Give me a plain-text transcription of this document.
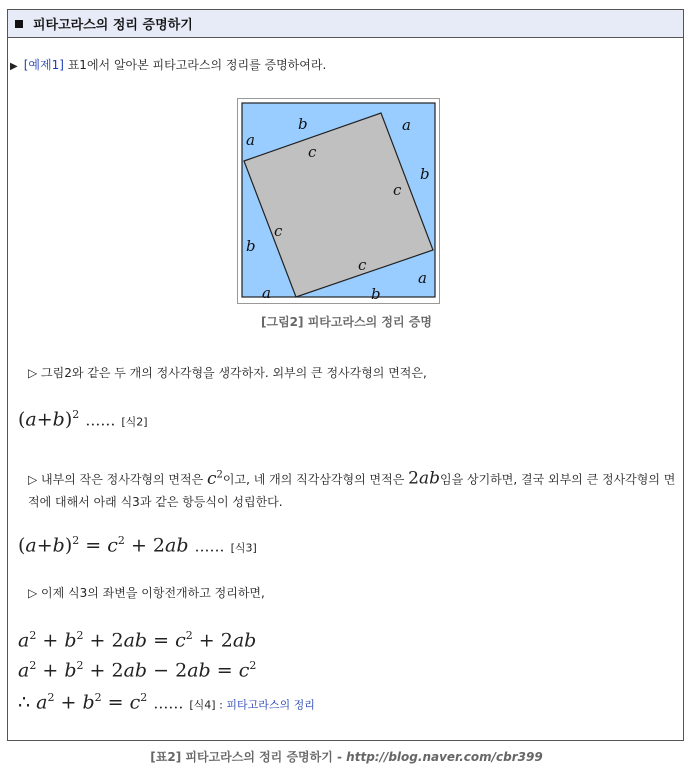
피타고라스의 정리 증명하기
▶ [예제1] 표1에서 알아본 피타고라스의 정리를 증명하여라.
a
b	a
c
c
b
b
c
c
a
a	b
[그림2] 피타고라스의 정리 증명
▷ 그림2와 같은 두 개의 정사각형을 생각하자. 외부의 큰 정사각형의 면적은,
$(a+b)^2$ …… [식2]
▷ 내부의 작은 정사각형의 면적은 $c^2$이고, 네 개의 직각삼각형의 면적은 2ab임을 상기하면, 결국 외부의 큰 정사각형의 면적에 대해서 아래 식3과 같은 항등식이 성립한다.
$(a+b)^2 = c^2 + 2ab$ …… [식3]
▷ 이제 식3의 좌변을 이항전개하고 정리하면,
$a^2 + b^2 + 2ab = c^2 + 2ab$
$a^2 + b^2 + 2ab - 2ab = c^2$
∴ $a^2 + b^2 = c^2$ …… [식4] : 피타고라스의 정리
[표2] 피타고라스의 정리 증명하기 - http://blog.naver.com/cbr399
